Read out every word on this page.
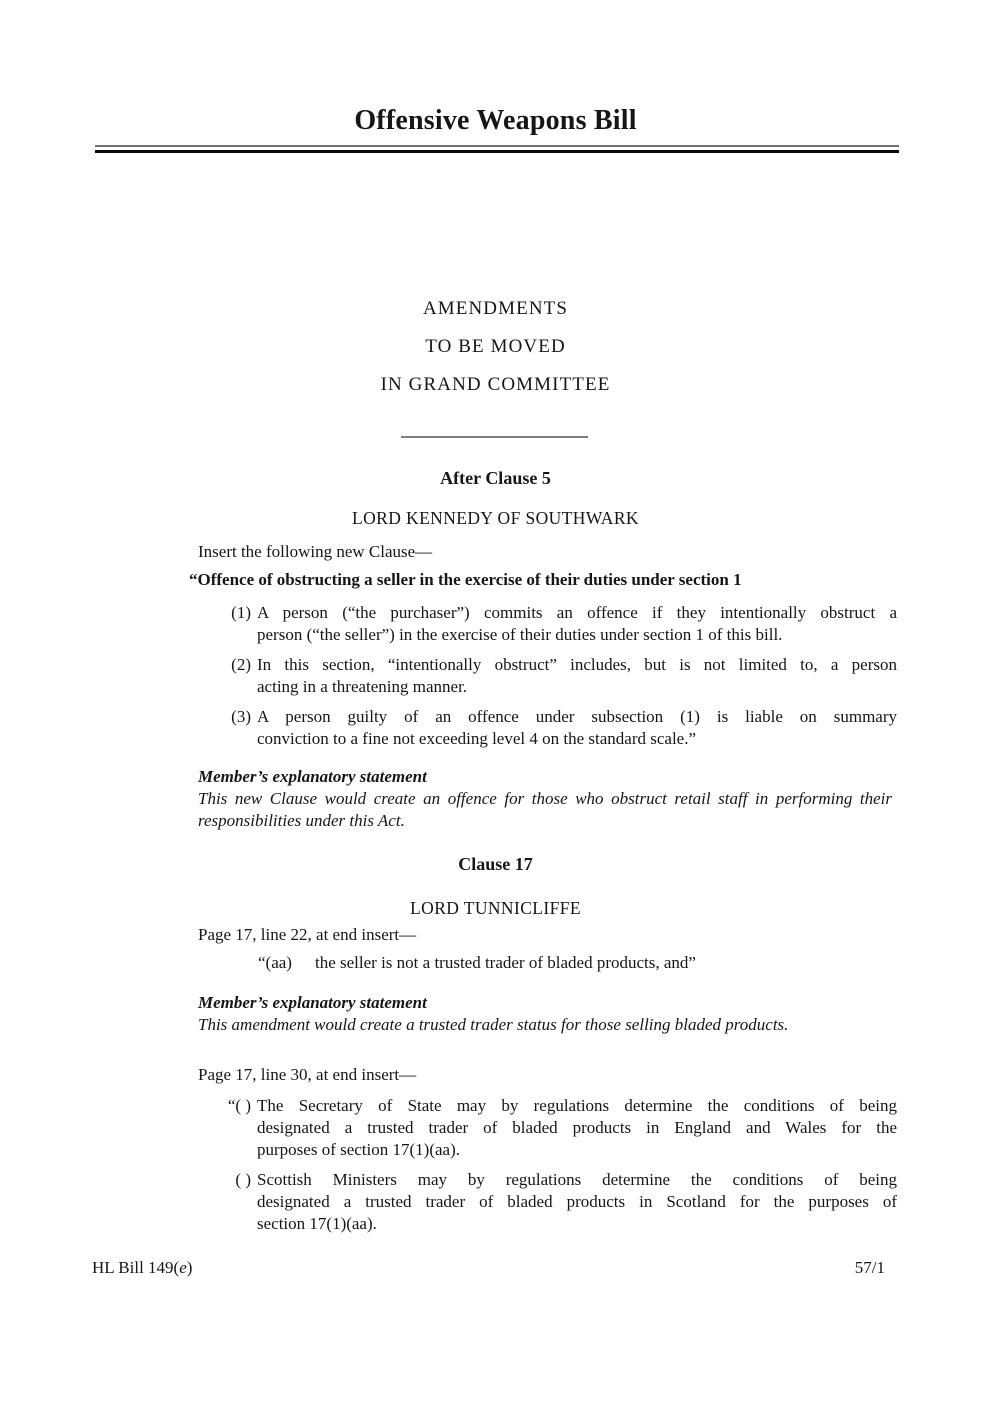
Offensive Weapons Bill
AMENDMENTS
TO BE MOVED
IN GRAND COMMITTEE
After Clause 5
LORD KENNEDY OF SOUTHWARK
Insert the following new Clause—
“Offence of obstructing a seller in the exercise of their duties under section 1
(1) A person (“the purchaser”) commits an offence if they intentionally obstruct a
person (“the seller”) in the exercise of their duties under section 1 of this bill.
(2) In this section, “intentionally obstruct” includes, but is not limited to, a person
acting in a threatening manner.
(3) A person guilty of an offence under subsection (1) is liable on summary
conviction to a fine not exceeding level 4 on the standard scale.”
Member’s explanatory statement
This new Clause would create an offence for those who obstruct retail staff in performing their
responsibilities under this Act.
Clause 17
LORD TUNNICLIFFE
Page 17, line 22, at end insert—
“(aa)	the seller is not a trusted trader of bladed products, and”
Member’s explanatory statement
This amendment would create a trusted trader status for those selling bladed products.
Page 17, line 30, at end insert—
“( ) The Secretary of State may by regulations determine the conditions of being
designated a trusted trader of bladed products in England and Wales for the
purposes of section 17(1)(aa).
( ) Scottish Ministers may by regulations determine the conditions of being
designated a trusted trader of bladed products in Scotland for the purposes of
section 17(1)(aa).
HL Bill 149(e)	57/1
